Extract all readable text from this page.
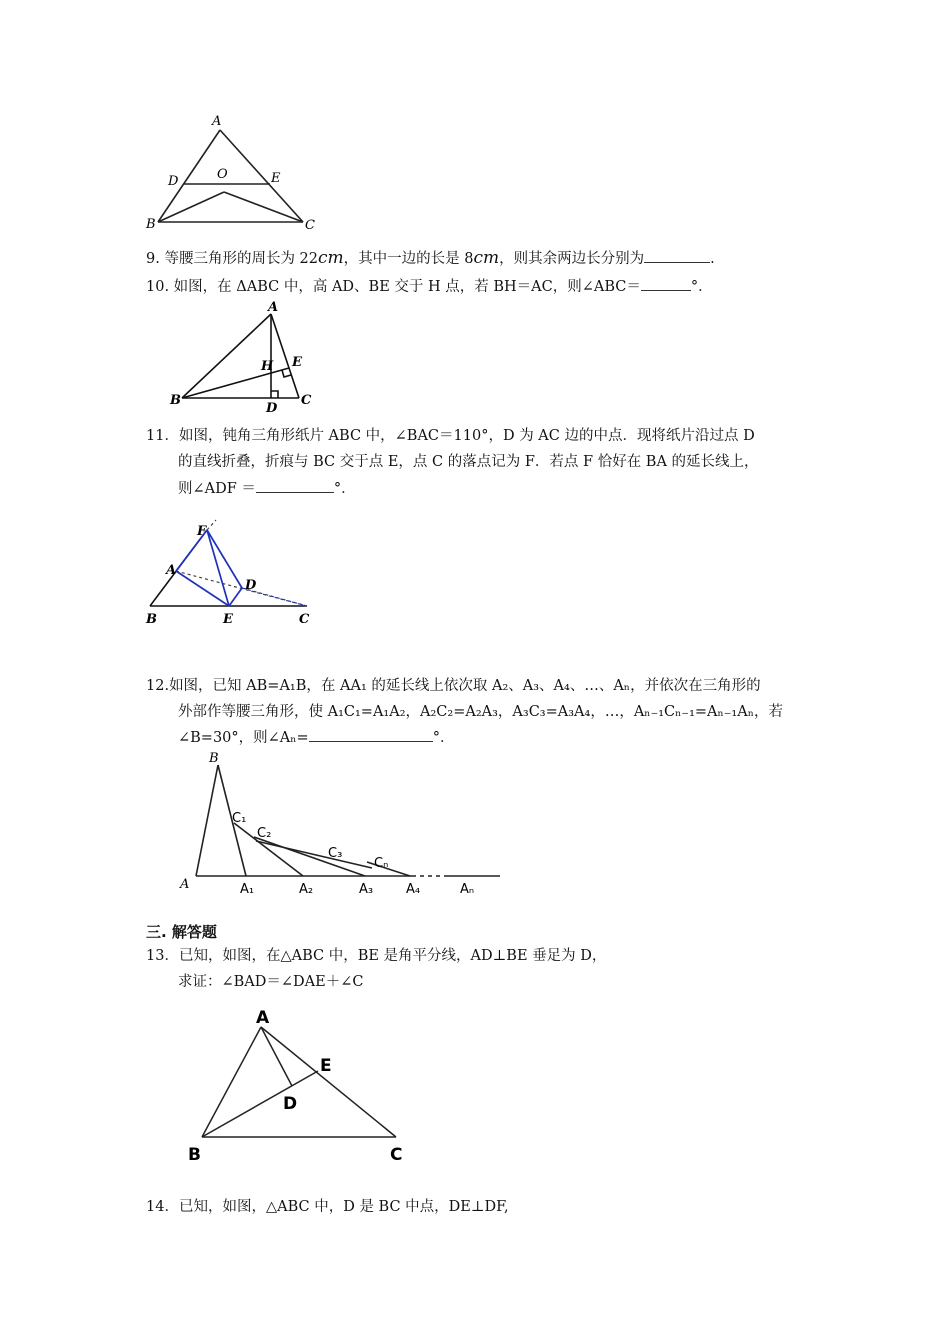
A
D	O	E
B	C
9. 等腰三角形的周长为 22cm，其中一边的长是 8cm，则其余两边长分别为	.
10. 如图，在 ΔABC 中，高 AD、BE 交于 H 点，若 BH＝AC，则∠ABC＝	°．
A
H E
B
D
C
11．如图，钝角三角形纸片 ABC 中，∠BAC＝110°，D 为 AC 边的中点．现将纸片沿过点 D
的直线折叠，折痕与 BC 交于点 E，点 C 的落点记为 F．若点 F 恰好在 BA 的延长线上，
则∠ADF ＝	°．
F
A
D
B	E	C
12.如图，已知 AB=A₁B，在 AA₁ 的延长线上依次取 A₂、A₃、A₄、…、Aₙ，并依次在三角形的
外部作等腰三角形，使 A₁C₁=A₁A₂，A₂C₂=A₂A₃，A₃C₃=A₃A₄，…，Aₙ₋₁Cₙ₋₁=Aₙ₋₁Aₙ，若
∠B=30°，则∠Aₙ=	°．
B
A	A₁	A₂	A₃	A₄	Aₙ
C₁
C₂
C₃
Cₙ
三. 解答题
13．已知，如图，在△ABC 中，BE 是角平分线，AD⊥BE 垂足为 D，
求证：∠BAD＝∠DAE＋∠C
A
E
D
B	C
14．已知，如图，△ABC 中，D 是 BC 中点，DE⊥DF,
